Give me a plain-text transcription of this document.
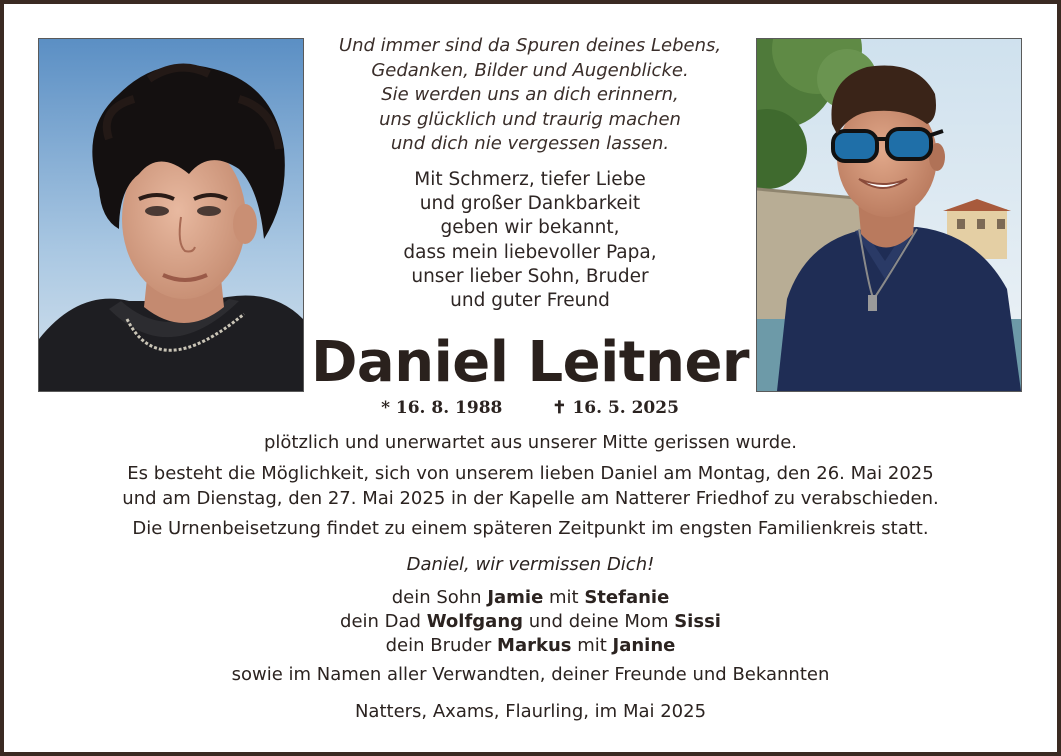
Und immer sind da Spuren deines Lebens,
Gedanken, Bilder und Augenblicke.
Sie werden uns an dich erinnern,
uns glücklich und traurig machen
und dich nie vergessen lassen.
Mit Schmerz, tiefer Liebe
und großer Dankbarkeit
geben wir bekannt,
dass mein liebevoller Papa,
unser lieber Sohn, Bruder
und guter Freund
Daniel Leitner
* 16. 8. 1988	✝ 16. 5. 2025
plötzlich und unerwartet aus unserer Mitte gerissen wurde.
Es besteht die Möglichkeit, sich von unserem lieben Daniel am Montag, den 26. Mai 2025
und am Dienstag, den 27. Mai 2025 in der Kapelle am Natterer Friedhof zu verabschieden.
Die Urnenbeisetzung findet zu einem späteren Zeitpunkt im engsten Familienkreis statt.
Daniel, wir vermissen Dich!
dein Sohn Jamie mit Stefanie
dein Dad Wolfgang und deine Mom Sissi
dein Bruder Markus mit Janine
sowie im Namen aller Verwandten, deiner Freunde und Bekannten
Natters, Axams, Flaurling, im Mai 2025
